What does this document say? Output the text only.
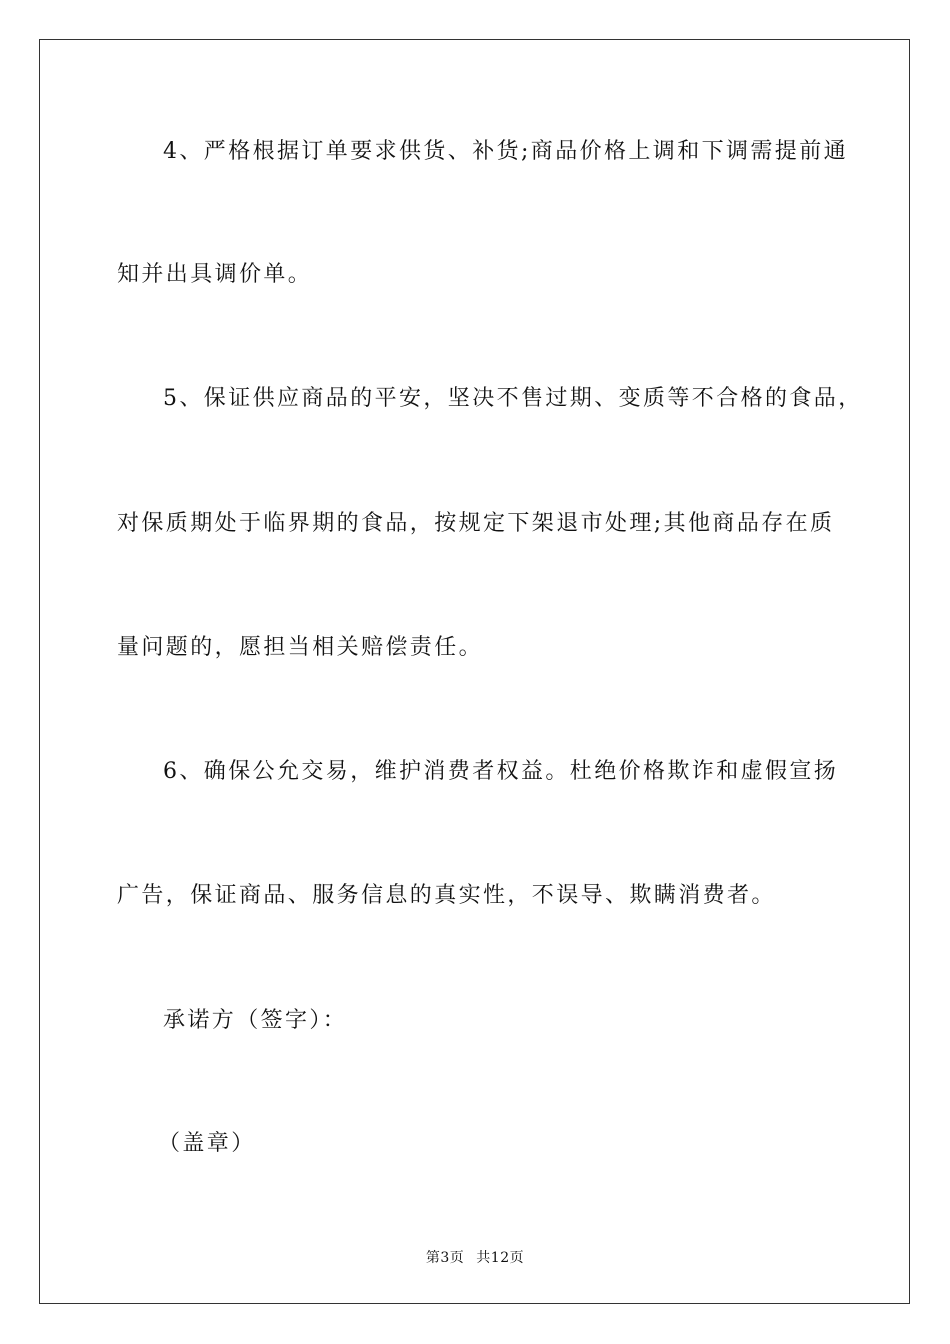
4、严格根据订单要求供货、补货;商品价格上调和下调需提前通
知并出具调价单。
5、保证供应商品的平安，坚决不售过期、变质等不合格的食品，
对保质期处于临界期的食品，按规定下架退市处理;其他商品存在质
量问题的，愿担当相关赔偿责任。
6、确保公允交易，维护消费者权益。杜绝价格欺诈和虚假宣扬
广告，保证商品、服务信息的真实性，不误导、欺瞒消费者。
承诺方（签字）：
（盖章）
第3页 共12页
